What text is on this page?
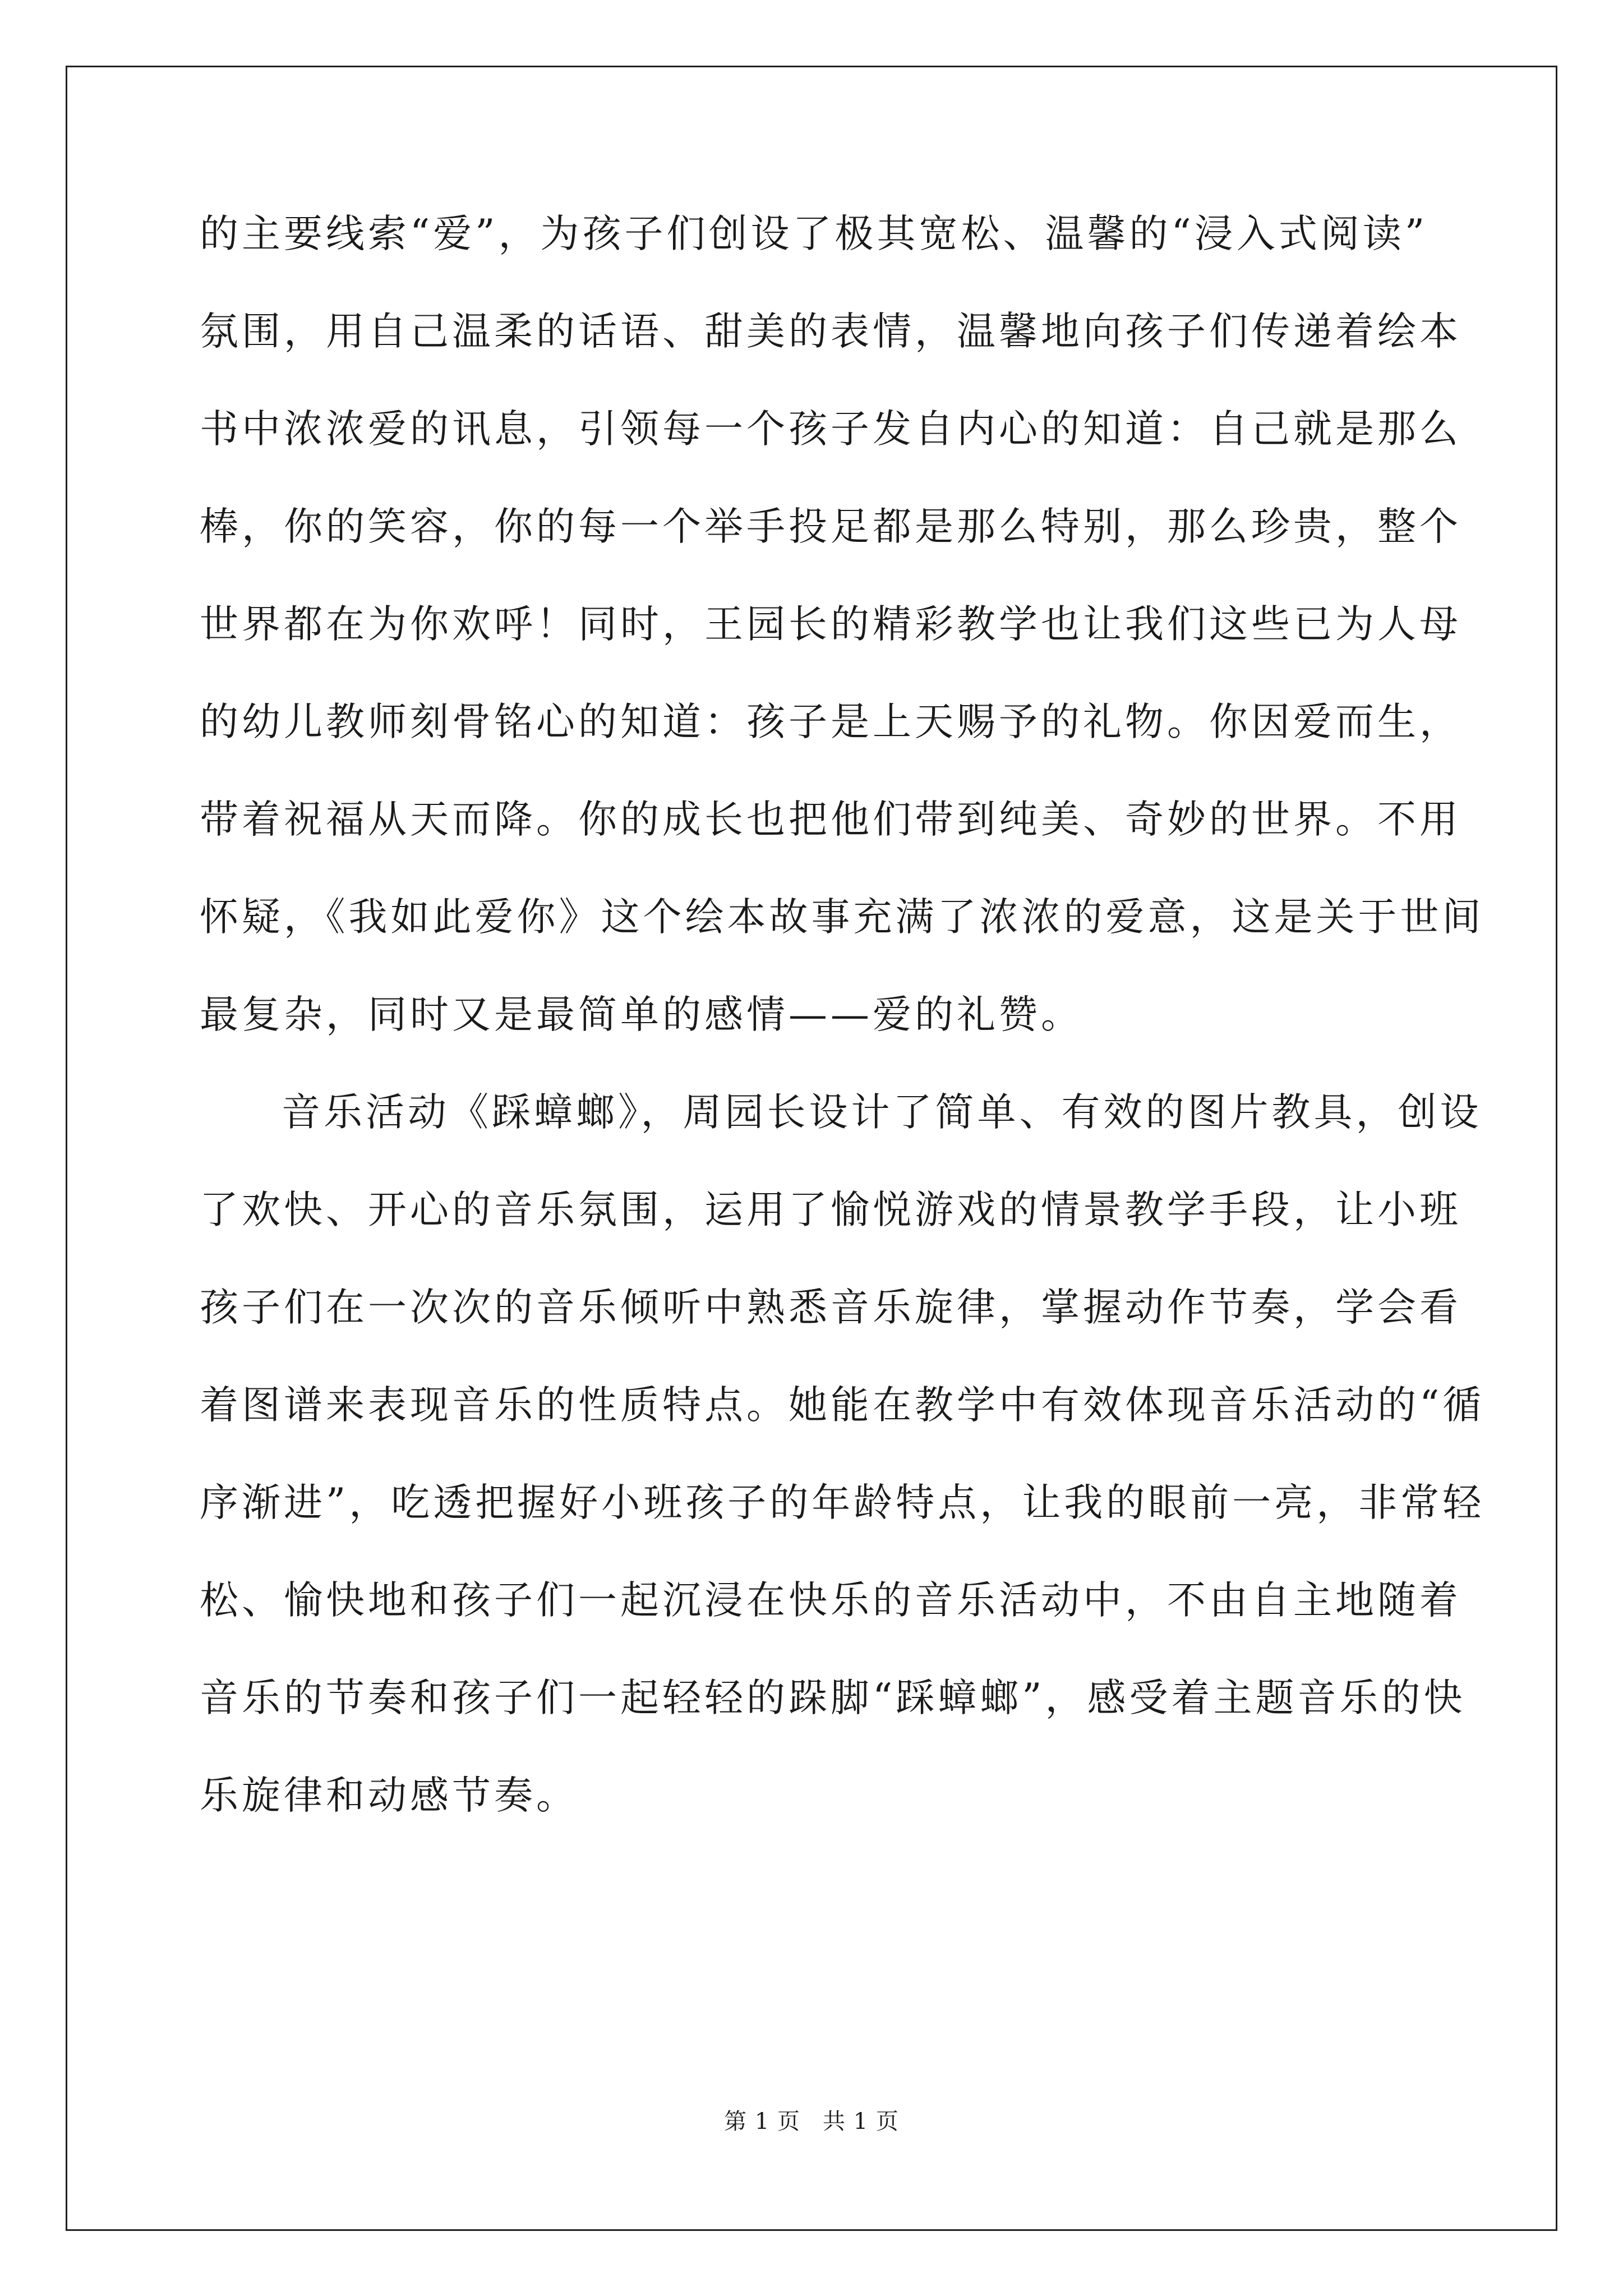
的主要线索“爱”，为孩子们创设了极其宽松、温馨的“浸入式阅读”
氛围，用自己温柔的话语、甜美的表情，温馨地向孩子们传递着绘本
书中浓浓爱的讯息，引领每一个孩子发自内心的知道：自己就是那么
棒，你的笑容，你的每一个举手投足都是那么特别，那么珍贵，整个
世界都在为你欢呼！同时，王园长的精彩教学也让我们这些已为人母
的幼儿教师刻骨铭心的知道：孩子是上天赐予的礼物。你因爱而生，
带着祝福从天而降。你的成长也把他们带到纯美、奇妙的世界。不用
怀疑，《我如此爱你》这个绘本故事充满了浓浓的爱意，这是关于世间
最复杂，同时又是最简单的感情——爱的礼赞。
音乐活动《踩蟑螂》，周园长设计了简单、有效的图片教具，创设
了欢快、开心的音乐氛围，运用了愉悦游戏的情景教学手段，让小班
孩子们在一次次的音乐倾听中熟悉音乐旋律，掌握动作节奏，学会看
着图谱来表现音乐的性质特点。她能在教学中有效体现音乐活动的“循
序渐进”，吃透把握好小班孩子的年龄特点，让我的眼前一亮，非常轻
松、愉快地和孩子们一起沉浸在快乐的音乐活动中，不由自主地随着
音乐的节奏和孩子们一起轻轻的跺脚“踩蟑螂”，感受着主题音乐的快
乐旋律和动感节奏。
第 1 页 共 1 页
